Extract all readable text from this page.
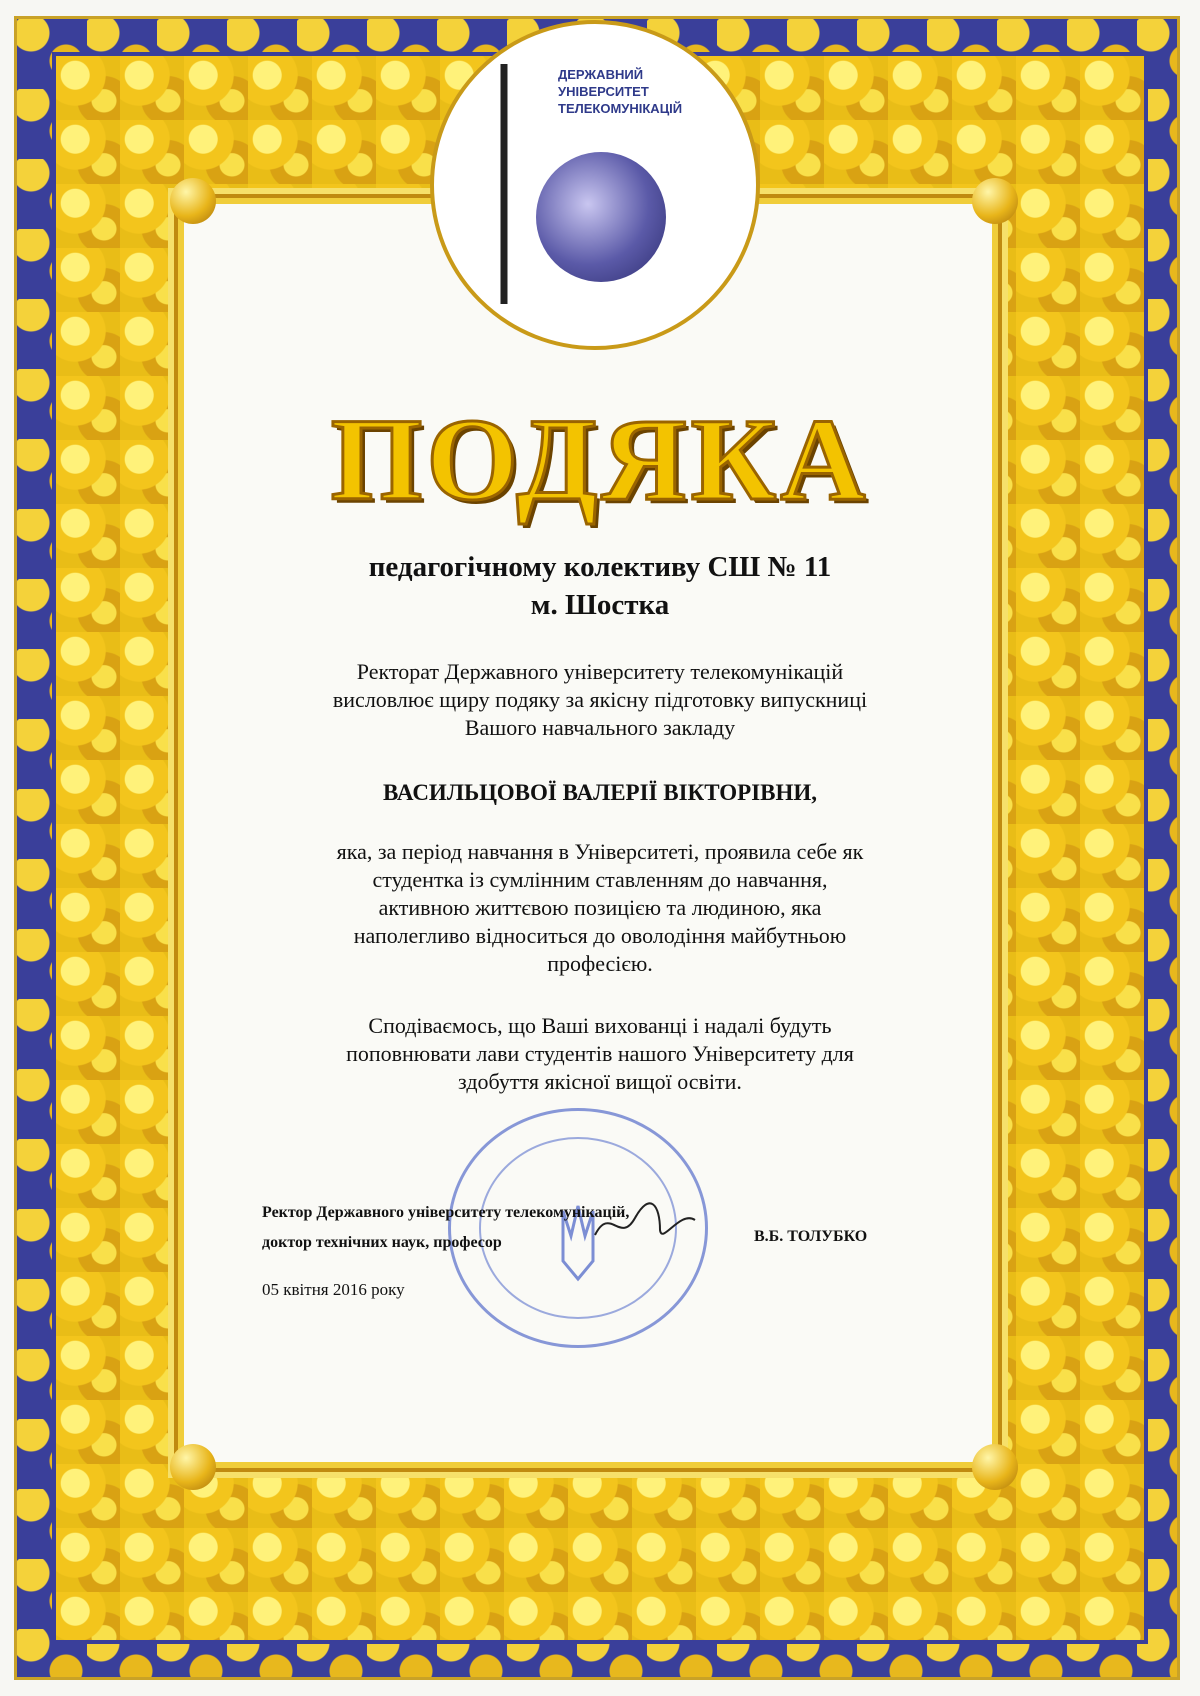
ДЕРЖАВНИЙ
УНІВЕРСИТЕТ
ТЕЛЕКОМУНІКАЦІЙ
ПОДЯКА
педагогічному колективу СШ № 11
м. Шостка
Ректорат Державного університету телекомунікацій
висловлює щиру подяку за якісну підготовку випускниці
Вашого навчального закладу
ВАСИЛЬЦОВОЇ ВАЛЕРІЇ ВІКТОРІВНИ,
яка, за період навчання в Університеті, проявила себе як
студентка із сумлінним ставленням до навчання,
активною життєвою позицією та людиною, яка
наполегливо відноситься до оволодіння майбутньою
професією.
Сподіваємось, що Ваші вихованці і надалі будуть
поповнювати лави студентів нашого Університету для
здобуття якісної вищої освіти.
Ректор Державного університету телекомунікацій,
доктор технічних наук, професор	В.Б. ТОЛУБКО
05 квітня 2016 року
